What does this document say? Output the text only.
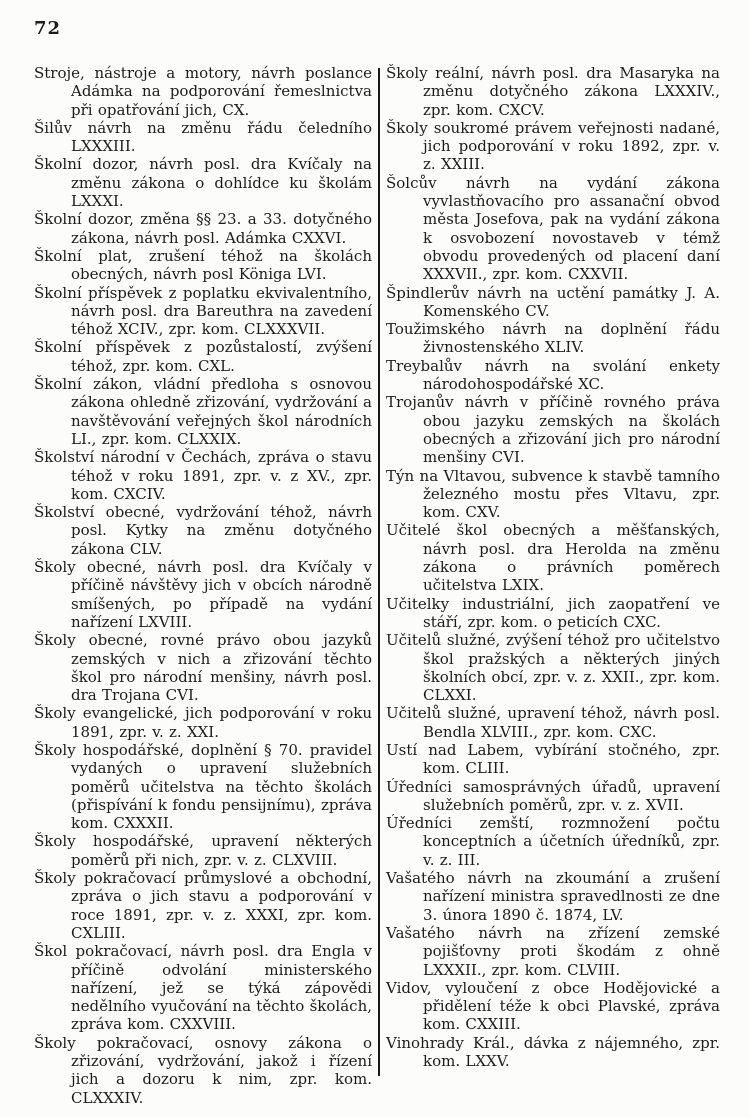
72

Stroje, nástroje a motory, návrh poslance Adámka na podporování řemeslnictva při opatřování jich, CX.

Šilův návrh na změnu řádu čeledního LXXXIII.

Školní dozor, návrh posl. dra Kvíčaly na změnu zákona o dohlídce ku školám LXXXI.

Školní dozor, změna §§ 23. a 33. dotyčného zákona, návrh posl. Adámka CXXVI.

Školní plat, zrušení téhož na školách obecných, návrh posl Königa LVI.

Školní příspěvek z poplatku ekvivalentního, návrh posl. dra Bareuthra na zavedení téhož XCIV., zpr. kom. CLXXXVII.

Školní příspěvek z pozůstalostí, zvýšení téhož, zpr. kom. CXL.

Školní zákon, vládní předloha s osnovou zákona ohledně zřizování, vydržování a navštěvování veřejných škol národních LI., zpr. kom. CLXXIX.

Školství národní v Čechách, zpráva o stavu téhož v roku 1891, zpr. v. z XV., zpr. kom. CXCIV.

Školství obecné, vydržování téhož, návrh posl. Kytky na změnu dotyčného zákona CLV.

Školy obecné, návrh posl. dra Kvíčaly v příčině návštěvy jich v obcích národně smíšených, po případě na vydání nařízení LXVIII.

Školy obecné, rovné právo obou jazyků zemských v nich a zřizování těchto škol pro národní menšiny, návrh posl. dra Trojana CVI.

Školy evangelické, jich podporování v roku 1891, zpr. v. z. XXI.

Školy hospodářské, doplnění § 70. pravidel vydaných o upravení služebních poměrů učitelstva na těchto školách (přispívání k fondu pensijnímu), zpráva kom. CXXXII.

Školy hospodářské, upravení některých poměrů při nich, zpr. v. z. CLXVIII.

Školy pokračovací průmyslové a obchodní, zpráva o jich stavu a podporování v roce 1891, zpr. v. z. XXXI, zpr. kom. CXLIII.

Škol pokračovací, návrh posl. dra Engla v příčině odvolání ministerského nařízení, jež se týká zápovědi nedělního vyučování na těchto školách, zpráva kom. CXXVIII.

Školy pokračovací, osnovy zákona o zřizování, vydržování, jakož i řízení jich a dozoru k nim, zpr. kom. CLXXXIV.

Školy reální, návrh posl. dra Masaryka na změnu dotyčného zákona LXXXIV., zpr. kom. CXCV.

Školy soukromé právem veřejnosti nadané, jich podporování v roku 1892, zpr. v. z. XXIII.

Šolcův návrh na vydání zákona vyvlastňovacího pro assanační obvod města Josefova, pak na vydání zákona k osvobození novostaveb v témž obvodu provedených od placení daní XXXVII., zpr. kom. CXXVII.

Špindlerův návrh na uctění památky J. A. Komenského CV.

Toužimského návrh na doplnění řádu živnostenského XLIV.

Treybalův návrh na svolání enkety národohospodářské XC.

Trojanův návrh v příčině rovného práva obou jazyku zemských na školách obecných a zřizování jich pro národní menšiny CVI.

Týn na Vltavou, subvence k stavbě tamního železného mostu přes Vltavu, zpr. kom. CXV.

Učitelé škol obecných a měšťanských, návrh posl. dra Herolda na změnu zákona o právních poměrech učitelstva LXIX.

Učitelky industriální, jich zaopatření ve stáří, zpr. kom. o peticích CXC.

Učitelů služné, zvýšení téhož pro učitelstvo škol pražských a některých jiných školních obcí, zpr. v. z. XXII., zpr. kom. CLXXI.

Učitelů služné, upravení téhož, návrh posl. Bendla XLVIII., zpr. kom. CXC.

Ustí nad Labem, vybírání stočného, zpr. kom. CLIII.

Úředníci samosprávných úřadů, upravení služebních poměrů, zpr. v. z. XVII.

Úředníci zemští, rozmnožení počtu konceptních a účetních úředníků, zpr. v. z. III.

Vašatého návrh na zkoumání a zrušení nařízení ministra spravedlnosti ze dne 3. února 1890 č. 1874, LV.

Vašatého návrh na zřízení zemské pojišťovny proti škodám z ohně LXXXII., zpr. kom. CLVIII.

Vidov, vyloučení z obce Hodějovické a přidělení téže k obci Plavské, zpráva kom. CXXIII.

Vinohrady Král., dávka z nájemného, zpr. kom. LXXV.
